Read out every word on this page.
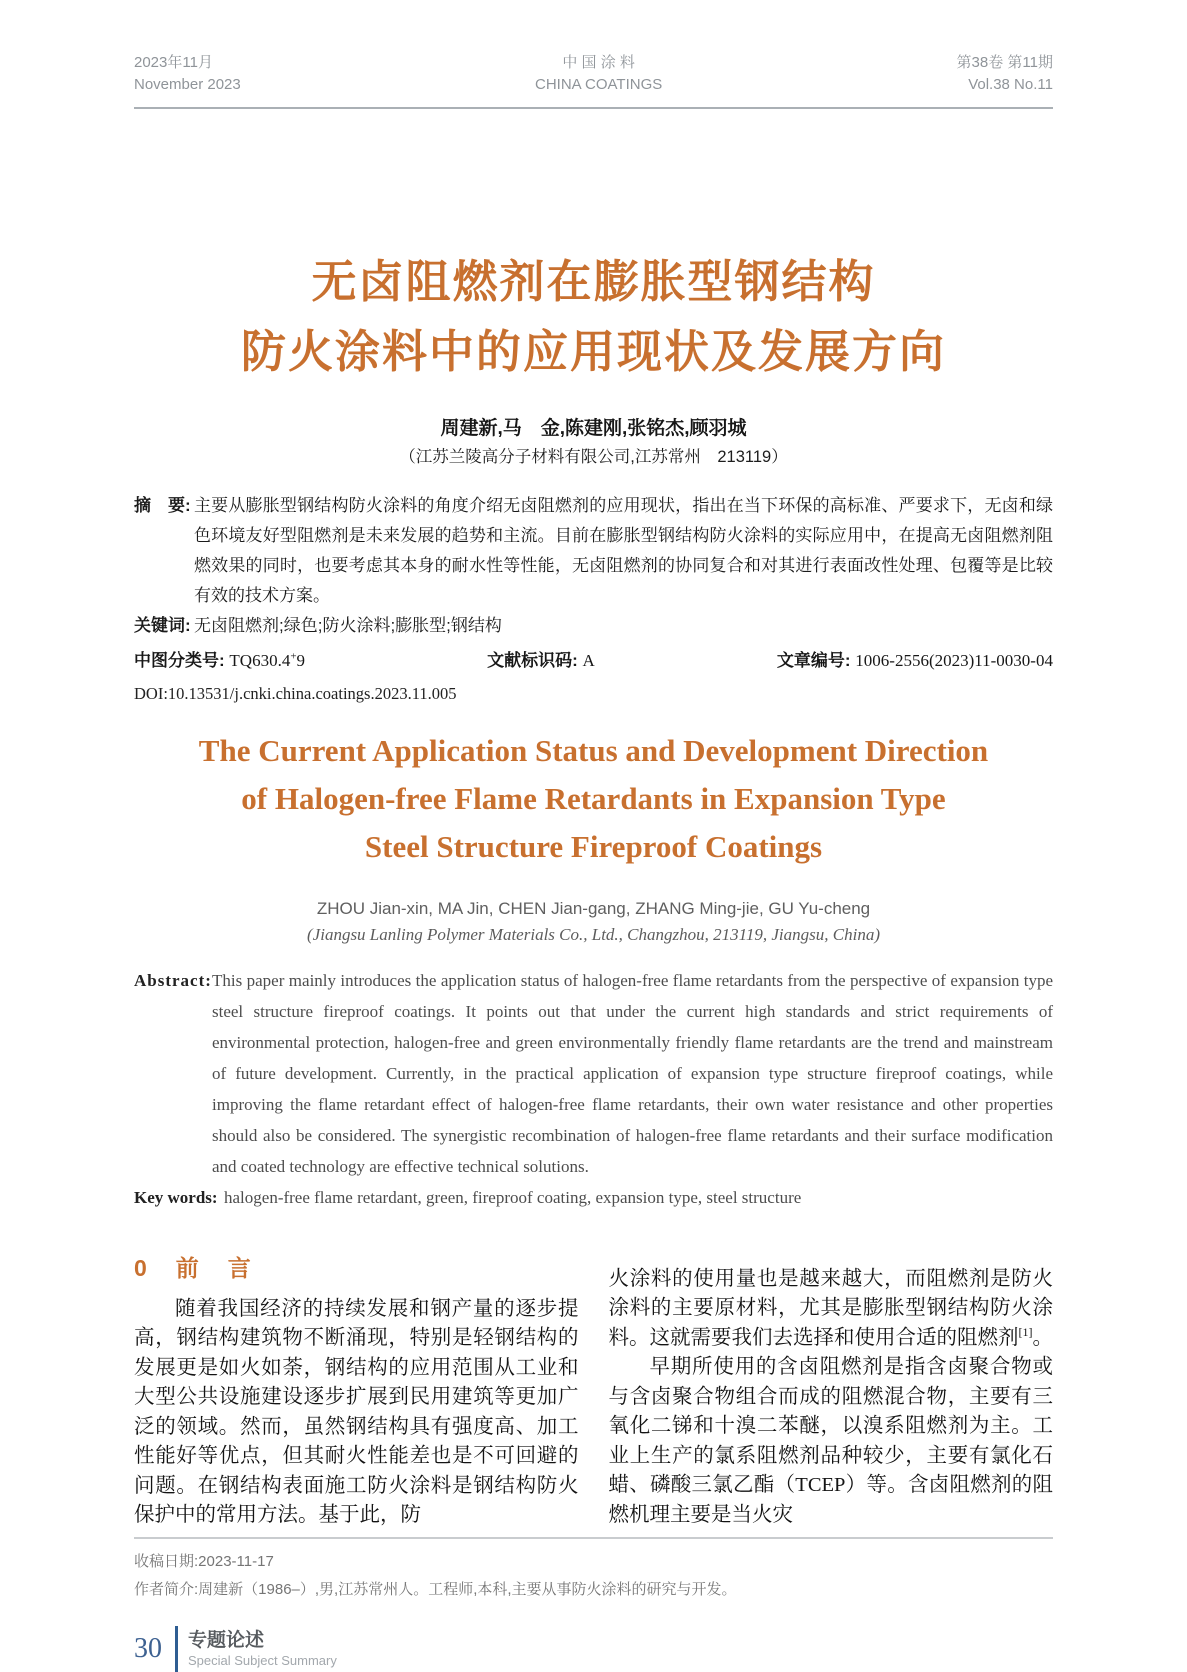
2023年11月
November 2023
中 国 涂 料
CHINA COATINGS
第38卷 第11期
Vol.38 No.11
无卤阻燃剂在膨胀型钢结构
防火涂料中的应用现状及发展方向
周建新,马　金,陈建刚,张铭杰,顾羽城
（江苏兰陵高分子材料有限公司,江苏常州　213119）
摘　要: 主要从膨胀型钢结构防火涂料的角度介绍无卤阻燃剂的应用现状，指出在当下环保的高标准、严要求下，无卤和绿色环境友好型阻燃剂是未来发展的趋势和主流。目前在膨胀型钢结构防火涂料的实际应用中，在提高无卤阻燃剂阻燃效果的同时，也要考虑其本身的耐水性等性能，无卤阻燃剂的协同复合和对其进行表面改性处理、包覆等是比较有效的技术方案。
关键词: 无卤阻燃剂;绿色;防火涂料;膨胀型;钢结构
中图分类号: TQ630.4+9	文献标识码: A	文章编号: 1006-2556(2023)11-0030-04
DOI:10.13531/j.cnki.china.coatings.2023.11.005
The Current Application Status and Development Direction
of Halogen-free Flame Retardants in Expansion Type
Steel Structure Fireproof Coatings
ZHOU Jian-xin, MA Jin, CHEN Jian-gang, ZHANG Ming-jie, GU Yu-cheng
(Jiangsu Lanling Polymer Materials Co., Ltd., Changzhou, 213119, Jiangsu, China)
Abstract: This paper mainly introduces the application status of halogen-free flame retardants from the perspective of expansion type steel structure fireproof coatings. It points out that under the current high standards and strict requirements of environmental protection, halogen-free and green environmentally friendly flame retardants are the trend and mainstream of future development. Currently, in the practical application of expansion type structure fireproof coatings, while improving the flame retardant effect of halogen-free flame retardants, their own water resistance and other properties should also be considered. The synergistic recombination of halogen-free flame retardants and their surface modification and coated technology are effective technical solutions.
Key words: halogen-free flame retardant, green, fireproof coating, expansion type, steel structure
0　前　言

随着我国经济的持续发展和钢产量的逐步提高，钢结构建筑物不断涌现，特别是轻钢结构的发展更是如火如荼，钢结构的应用范围从工业和大型公共设施建设逐步扩展到民用建筑等更加广泛的领域。然而，虽然钢结构具有强度高、加工性能好等优点，但其耐火性能差也是不可回避的问题。在钢结构表面施工防火涂料是钢结构防火保护中的常用方法。基于此，防

火涂料的使用量也是越来越大，而阻燃剂是防火涂料的主要原材料，尤其是膨胀型钢结构防火涂料。这就需要我们去选择和使用合适的阻燃剂[1]。

早期所使用的含卤阻燃剂是指含卤聚合物或与含卤聚合物组合而成的阻燃混合物，主要有三氧化二锑和十溴二苯醚，以溴系阻燃剂为主。工业上生产的氯系阻燃剂品种较少，主要有氯化石蜡、磷酸三氯乙酯（TCEP）等。含卤阻燃剂的阻燃机理主要是当火灾

收稿日期:2023-11-17
作者简介:周建新（1986–）,男,江苏常州人。工程师,本科,主要从事防火涂料的研究与开发。
30 专题论述
Special Subject Summary
